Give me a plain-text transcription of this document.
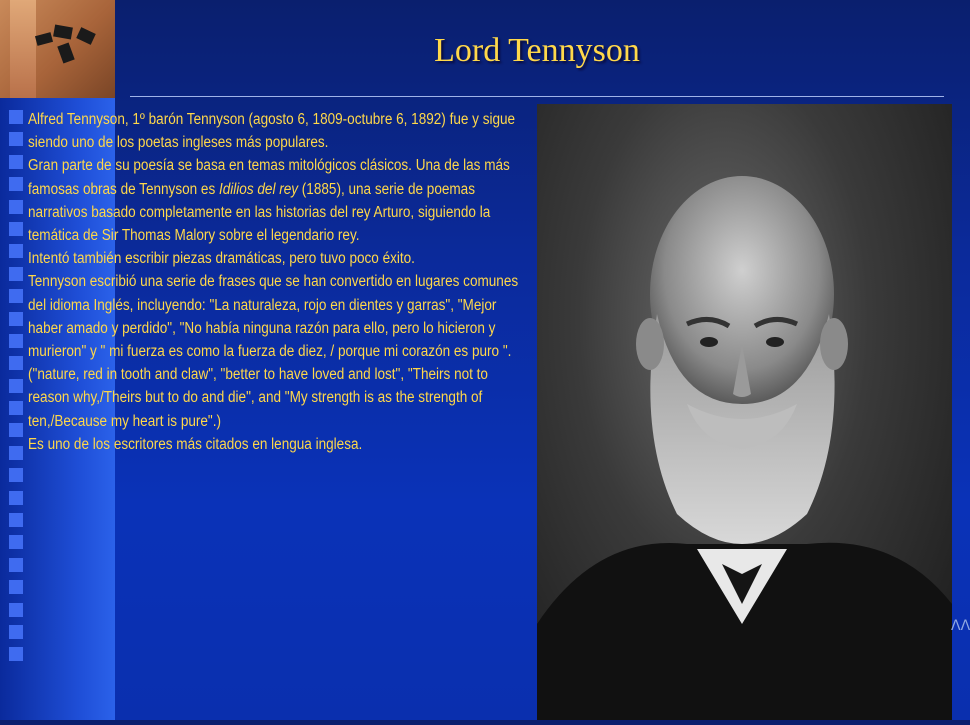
Lord Tennyson

Alfred Tennyson, 1º barón Tennyson (agosto 6, 1809-octubre 6, 1892) fue y sigue siendo uno de los poetas ingleses más populares.

Gran parte de su poesía se basa en temas mitológicos clásicos. Una de las más famosas obras de Tennyson es Idilios del rey (1885), una serie de poemas narrativos basado completamente en las historias del rey Arturo, siguiendo la temática de Sir Thomas Malory sobre el legendario rey.

Intentó también escribir piezas dramáticas, pero tuvo poco éxito.

Tennyson escribió una serie de frases que se han convertido en lugares comunes del idioma Inglés, incluyendo: "La naturaleza, rojo en dientes y garras", "Mejor haber amado y perdido", "No había ninguna razón para ello, pero lo hicieron y murieron" y " mi fuerza es como la fuerza de diez, / porque mi corazón es puro ".

("nature, red in tooth and claw", "better to have loved and lost", "Theirs not to reason why,/Theirs but to do and die", and "My strength is as the strength of ten,/Because my heart is pure".)

Es uno de los escritores más citados en lengua inglesa.

ΛΛ
